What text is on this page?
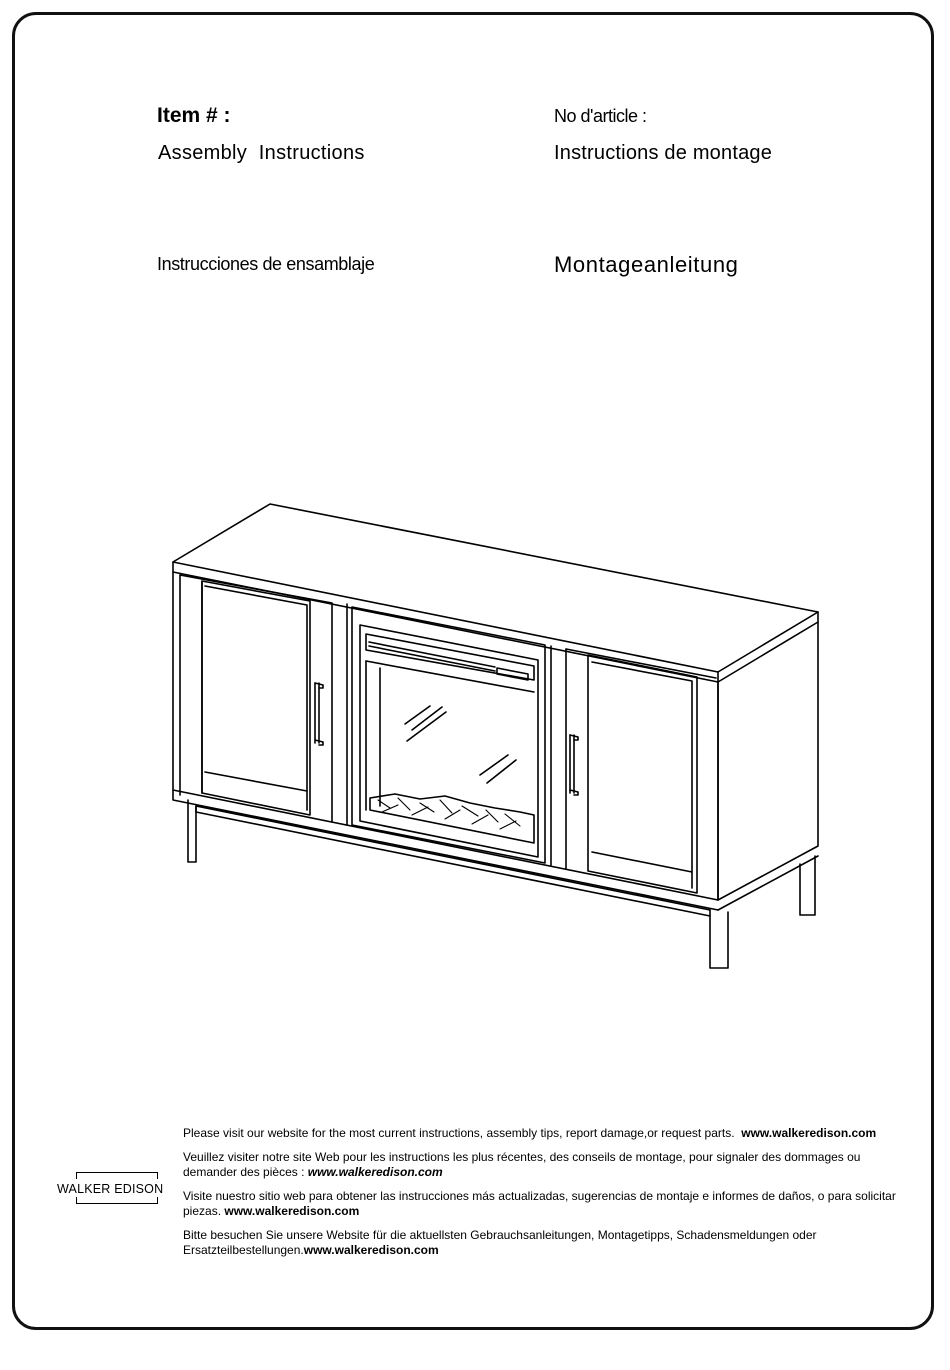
Item # :	No d'article :
Assembly  Instructions	Instructions de montage
Instrucciones de ensamblaje	Montageanleitung

Please visit our website for the most current instructions, assembly tips, report damage,or request parts. www.walkeredison.com

Veuillez visiter notre site Web pour les instructions les plus récentes, des conseils de montage, pour signaler des dommages ou demander des pièces : www.walkeredison.com

Visite nuestro sitio web para obtener las instrucciones más actualizadas, sugerencias de montaje e informes de daños, o para solicitar piezas. www.walkeredison.com

Bitte besuchen Sie unsere Website für die aktuellsten Gebrauchsanleitungen, Montagetipps, Schadensmeldungen oder Ersatzteilbestellungen.www.walkeredison.com

WALKER EDISON
